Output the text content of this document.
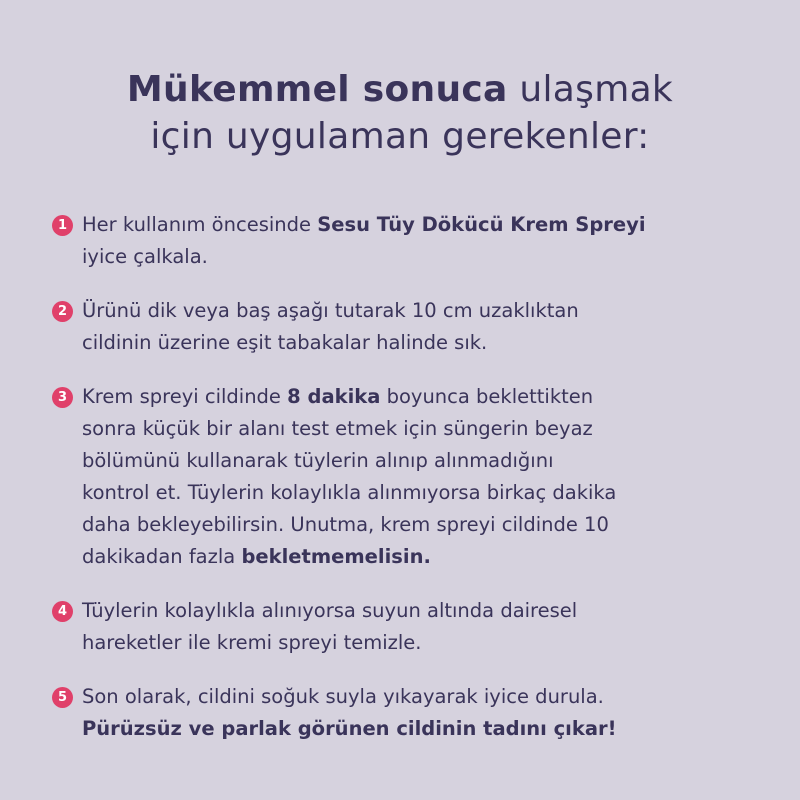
Mükemmel sonuca ulaşmak
için uygulaman gerekenler:
1 Her kullanım öncesinde Sesu Tüy Dökücü Krem Spreyi
iyice çalkala.
2 Ürünü dik veya baş aşağı tutarak 10 cm uzaklıktan
cildinin üzerine eşit tabakalar halinde sık.
3 Krem spreyi cildinde 8 dakika boyunca beklettikten
sonra küçük bir alanı test etmek için süngerin beyaz
bölümünü kullanarak tüylerin alınıp alınmadığını
kontrol et. Tüylerin kolaylıkla alınmıyorsa birkaç dakika
daha bekleyebilirsin. Unutma, krem spreyi cildinde 10
dakikadan fazla bekletmemelisin.
4 Tüylerin kolaylıkla alınıyorsa suyun altında dairesel
hareketler ile kremi spreyi temizle.
5 Son olarak, cildini soğuk suyla yıkayarak iyice durula.
Pürüzsüz ve parlak görünen cildinin tadını çıkar!
